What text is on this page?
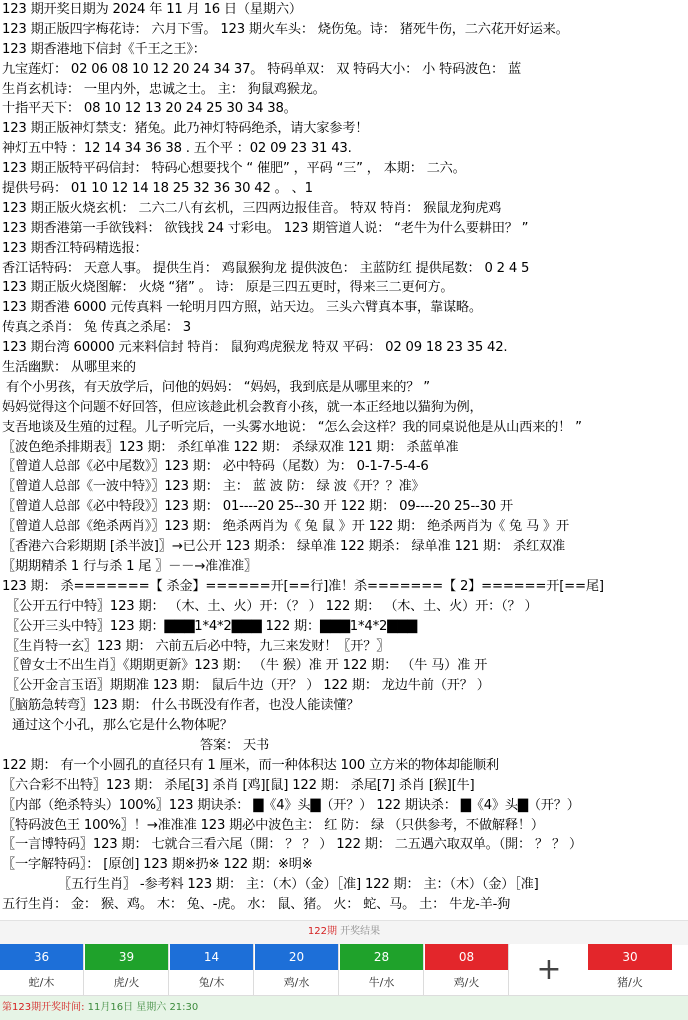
123 期开奖日期为 2024 年 11 月 16 日（星期六）
123 期正版四字梅花诗： 六月下雪。 123 期火车头： 烧伤兔。诗： 猪死牛伤，二六花开好运来。
123 期香港地下信封《千王之王》：
九宝莲灯： 02 06 08 10 12 20 24 34 37。 特码单双： 双 特码大小： 小 特码波色： 蓝
生肖玄机诗： 一里内外，忠诚之士。 主： 狗鼠鸡猴龙。
十指平天下： 08 10 12 13 20 24 25 30 34 38。
123 期正版神灯禁支：猪兔。此乃神灯特码绝杀，请大家参考！
神灯五中特 ：12 14 34 36 38 . 五个平 ：02 09 23 31 43.
123 期正版特平码信封： 特码心想要找个 “ 催肥” ，平码 “三” ， 本期： 二六。
提供号码： 01 10 12 14 18 25 32 36 30 42 。 、1
123 期正版火烧玄机： 二六二八有玄机，三四两边报佳音。 特双 特肖： 猴鼠龙狗虎鸡
123 期香港第一手欲钱料： 欲钱找 24 寸彩电。 123 期管道人说： “老牛为什么要耕田？ ”
123 期香江特码精选报：
香江话特码： 天意人事。 提供生肖： 鸡鼠猴狗龙 提供波色： 主蓝防红 提供尾数： 0 2 4 5
123 期正版火烧图解： 火烧 “猪” 。 诗： 原是三四五更时，得来三二更何方。
123 期香港 6000 元传真料 一轮明月四方照，站天边。 三头六臂真本事，靠谋略。
传真之杀肖： 兔 传真之杀尾： 3
123 期台湾 60000 元来料信封 特肖： 鼠狗鸡虎猴龙 特双 平码： 02 09 18 23 35 42.
生活幽默： 从哪里来的
有个小男孩，有天放学后，问他的妈妈： “妈妈，我到底是从哪里来的？ ”
妈妈觉得这个问题不好回答，但应该趁此机会教育小孩，就一本正经地以猫狗为例，
支吾地谈及生殖的过程。儿子听完后，一头雾水地说： “怎么会这样？我的同桌说他是从山西来的！ ”
〖波色绝杀排期表〗123 期： 杀红单准 122 期： 杀绿双准 121 期： 杀蓝单准
〖曾道人总部《必中尾数》〗123 期： 必中特码（尾数）为： 0-1-7-5-4-6
〖曾道人总部《一波中特》〗123 期： 主： 蓝 波 防： 绿 波《开？？准》
〖曾道人总部《必中特段》〗123 期： 01----20 25--30 开 122 期： 09----20 25--30 开
〖曾道人总部《绝杀两肖》〗123 期： 绝杀两肖为《 兔 鼠 》开 122 期： 绝杀两肖为《 兔 马 》开
〖香港六合彩期期 [杀半波]〗→已公开 123 期杀： 绿单准 122 期杀： 绿单准 121 期： 杀红双准
〖期期精杀 1 行与杀 1 尾 〗－－→准准准〗
123 期： 杀=======【 杀金】======开[==行]准！杀=======【 2】======开[==尾]
〖公开五行中特〗123 期： （木、土、火）开：（？ ） 122 期： （木、土、火）开：（？ ）
〖公开三头中特〗123 期：▇▇▇1*4*2▇▇▇ 122 期：▇▇▇1*4*2▇▇▇
〖生肖特一玄〗123 期： 六前五后必中特，九三来发财！〖开？〗
〖曾女士不出生肖〗《期期更新》123 期： （牛 猴）准 开 122 期： （牛 马）准 开
〖公开金言玉语〗期期准 123 期： 鼠后牛边（开？ ） 122 期： 龙边牛前（开？ ）
〖脑筋急转弯〗123 期： 什么书既没有作者，也没人能读懂？
通过这个小孔，那么它是什么物体呢？
答案： 天书
122 期： 有一个小圆孔的直径只有 1 厘米，而一种体积达 100 立方米的物体却能顺利
〖六合彩不出特〗123 期： 杀尾[3] 杀肖 [鸡][鼠] 122 期： 杀尾[7] 杀肖 [猴][牛]
〖内部（绝杀特头）100%〗123 期诀杀： ▇《4》头▇（开？） 122 期诀杀： ▇《4》头▇（开？）
〖特码波色王 100%〗！→准准准 123 期必中波色主： 红 防： 绿 （只供参考，不做解释！）
〖一言博特码〗123 期： 七就合三看六尾（開： ？ ？ ） 122 期： 二五遇六取双单。（開： ？ ？ ）
〖一字解特码〗： [原创] 123 期※扔※ 122 期：※明※
〖五行生肖〗 -参考料 123 期： 主：（木）（金）［准] 122 期： 主：（木）（金）［准]
五行生肖： 金： 猴、鸡。 木： 兔、-虎。 水： 鼠、猪。 火： 蛇、马。 土： 牛龙-羊-狗
122期 开奖结果
36
蛇/木
39
虎/火
14
兔/木
20
鸡/水
28
牛/水
08
鸡/火	+	30
猪/火
第123期开奖时间: 11月16日 星期六 21:30
